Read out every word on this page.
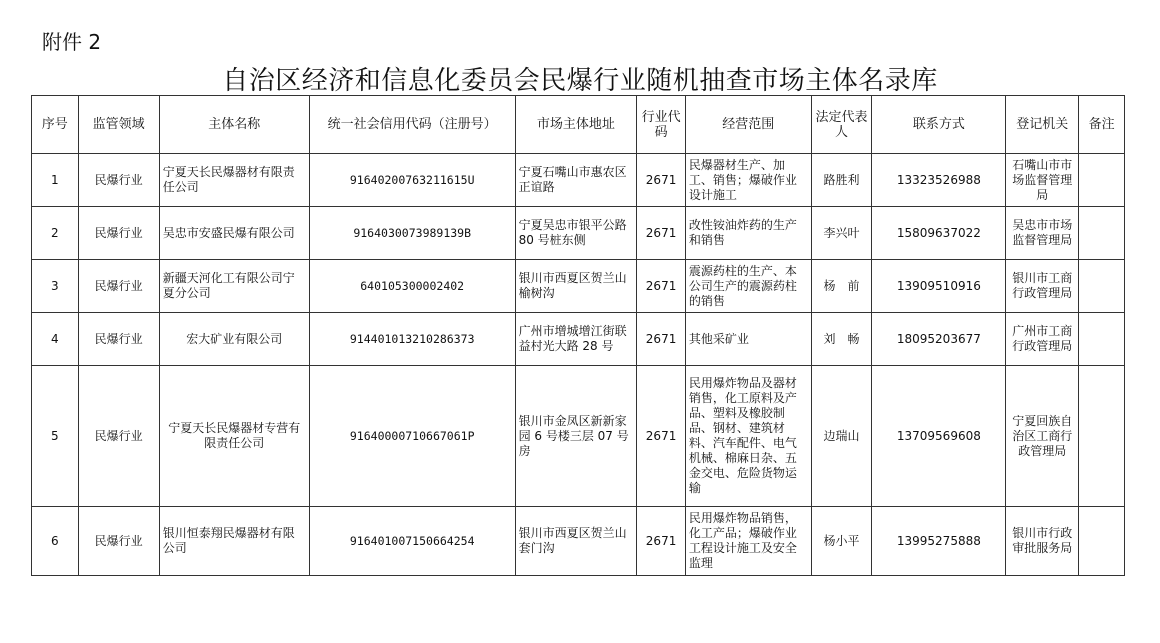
附件 2
自治区经济和信息化委员会民爆行业随机抽查市场主体名录库
序号	监管领域	主体名称	统一社会信用代码（注册号）	市场主体地址	行业代码	经营范围	法定代表人	联系方式	登记机关	备注
1	民爆行业	宁夏天长民爆器材有限责任公司	91640200763211615U	宁夏石嘴山市惠农区正谊路	2671	民爆器材生产、加工、销售；爆破作业设计施工	路胜利	13323526988	石嘴山市市场监督管理局	
2	民爆行业	吴忠市安盛民爆有限公司	9164030073989139B	宁夏吴忠市银平公路 80 号桩东侧	2671	改性铵油炸药的生产和销售	李兴叶	15809637022	吴忠市市场监督管理局	
3	民爆行业	新疆天河化工有限公司宁夏分公司	640105300002402	银川市西夏区贺兰山榆树沟	2671	震源药柱的生产、本公司生产的震源药柱的销售	杨　前	13909510916	银川市工商行政管理局	
4	民爆行业	宏大矿业有限公司	914401013210286373	广州市增城增江街联益村光大路 28 号	2671	其他采矿业	刘　畅	18095203677	广州市工商行政管理局	
5	民爆行业	宁夏天长民爆器材专营有限责任公司	91640000710667061P	银川市金凤区新新家园 6 号楼三层 07 号房	2671	民用爆炸物品及器材销售，化工原料及产品、塑料及橡胶制品、钢材、建筑材料、汽车配件、电气机械、棉麻日杂、五金交电、危险货物运输	边瑞山	13709569608	宁夏回族自治区工商行政管理局	
6	民爆行业	银川恒泰翔民爆器材有限公司	916401007150664254	银川市西夏区贺兰山套门沟	2671	民用爆炸物品销售，化工产品；爆破作业工程设计施工及安全监理	杨小平	13995275888	银川市行政审批服务局	
